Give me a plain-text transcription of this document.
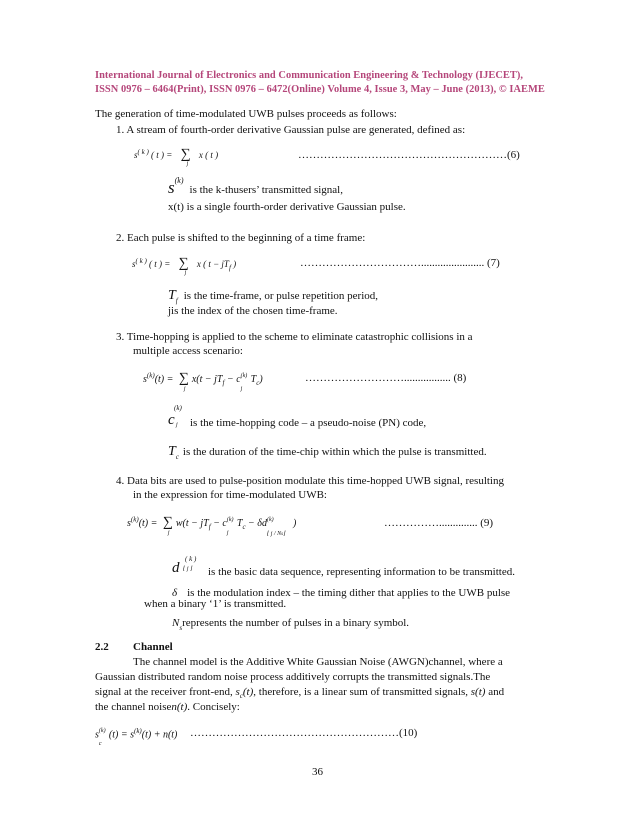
International Journal of Electronics and Communication Engineering & Technology (IJECET),
ISSN 0976 – 6464(Print), ISSN 0976 – 6472(Online) Volume 4, Issue 3, May – June (2013), © IAEME
The generation of time-modulated UWB pulses proceeds as follows:
1. A stream of fourth-order derivative Gaussian pulse are generated, defined as:
$s^{( k )}$ ( t ) = ∑
j
x ( t )	…………………………………………………(6)
$s^{(k)}$ is the k-thusers’ transmitted signal,
x(t) is a single fourth-order derivative Gaussian pulse.
2. Each pulse is shifted to the beginning of a time frame:
$s^{( k )}$ ( t ) = ∑
j
x ( $t - jT_f$ )	……………………………....................... (7)
$T_f$ is the time-frame, or pulse repetition period,
jis the index of the chosen time-frame.
3. Time-hopping is applied to the scheme to eliminate catastrophic collisions in a
multiple access scenario:
$s^{(k)}(t)$ = ∑
j
$x(t - jT_f - c$ (k)
j
$T_c$)	………………………................. (8)
c
(k)
j $^{is the time-hopping code - a pseudo-noise (PN) code,}$
$T_c$ is the duration of the time-chip within which the pulse is transmitted.
4. Data bits are used to pulse-position modulate this time-hopped UWB signal, resulting
in the expression for time-modulated UWB:
$s^{(k)}(t)$ = ∑
j
$w(t - jT_f - c$ (k)
j
$T_c - \delta d$ (k)
⌊ j / Ns⌋
)	…………….............. (9)
d
( k )
⌊ j ⌋ is the basic data sequence, representing information to be transmitted.
δ is the modulation index – the timing dither that applies to the UWB pulse
when a binary ‘1’ is transmitted.
$N_srepresents$ the number of pulses in a binary symbol.
2.2 Channel
The channel model is the Additive White Gaussian Noise (AWGN)channel, where a
Gaussian distributed random noise process additively corrupts the transmitted signals.The
signal at the receiver front-end, $s_c(t)$, therefore, is a linear sum of transmitted signals, s(t) and
the channel noisen(t). Concisely:
s (k)
c
$(t) = s^{(k)}(t) + n(t)$ …………………………………………………(10)
36
